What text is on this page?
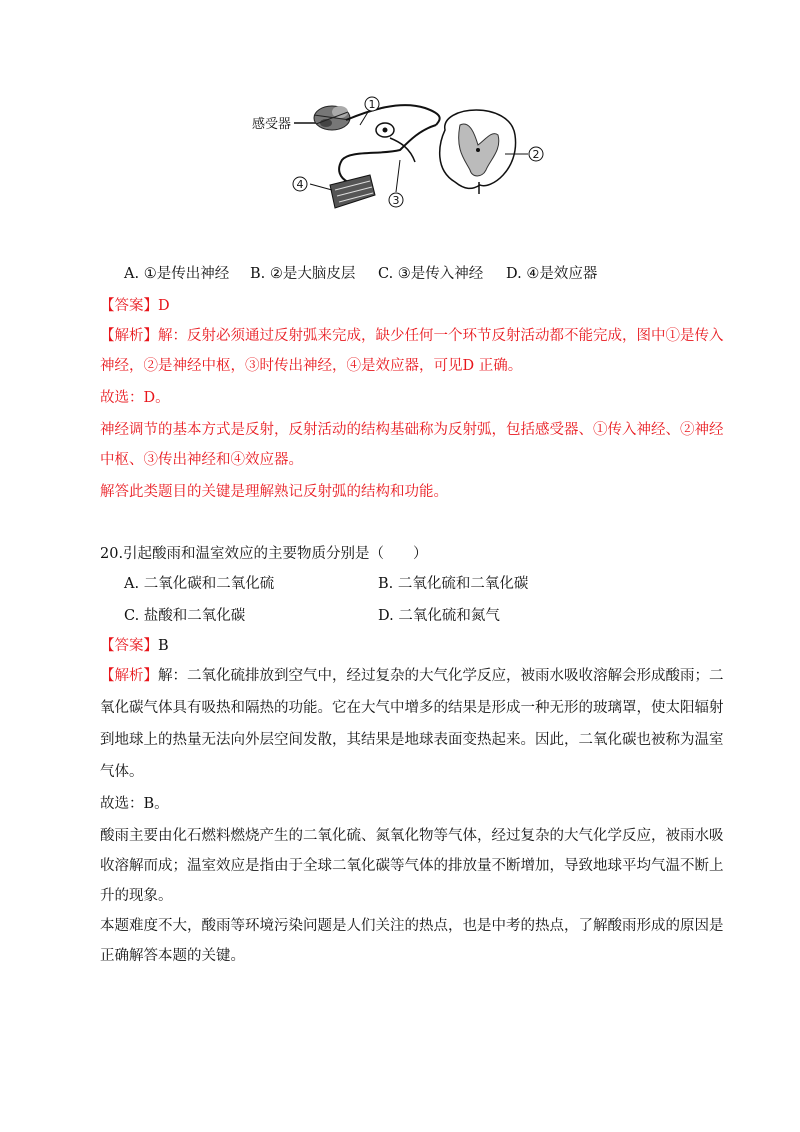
感受器
1
2
3
4
A. ①是传出神经 B. ②是大脑皮层 C. ③是传入神经 D. ④是效应器
【答案】D
【解析】解：反射必须通过反射弧来完成，缺少任何一个环节反射活动都不能完成，图中①是传入
神经，②是神经中枢，③时传出神经，④是效应器，可见D 正确。
故选：D。
神经调节的基本方式是反射，反射活动的结构基础称为反射弧，包括感受器、①传入神经、②神经
中枢、③传出神经和④效应器。
解答此类题目的关键是理解熟记反射弧的结构和功能。
20.引起酸雨和温室效应的主要物质分别是（　　）
A. 二氧化碳和二氧化硫	B. 二氧化硫和二氧化碳
C. 盐酸和二氧化碳	D. 二氧化硫和氮气
【答案】B
【解析】解：二氧化硫排放到空气中，经过复杂的大气化学反应，被雨水吸收溶解会形成酸雨；二
氧化碳气体具有吸热和隔热的功能。它在大气中增多的结果是形成一种无形的玻璃罩，使太阳辐射
到地球上的热量无法向外层空间发散，其结果是地球表面变热起来。因此，二氧化碳也被称为温室
气体。
故选：B。
酸雨主要由化石燃料燃烧产生的二氧化硫、氮氧化物等气体，经过复杂的大气化学反应，被雨水吸
收溶解而成；温室效应是指由于全球二氧化碳等气体的排放量不断增加，导致地球平均气温不断上
升的现象。
本题难度不大，酸雨等环境污染问题是人们关注的热点，也是中考的热点，了解酸雨形成的原因是
正确解答本题的关键。
